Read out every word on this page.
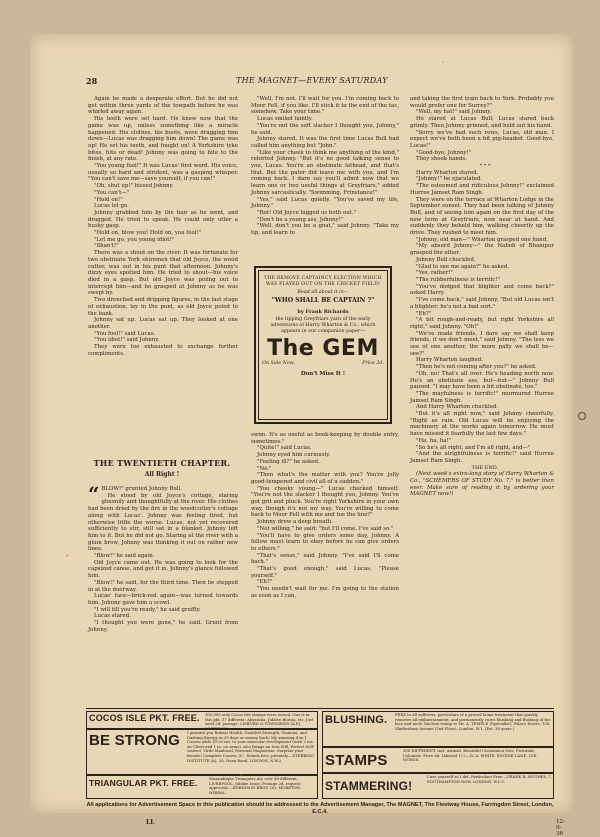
28	THE MAGNET—EVERY SATURDAY

Again he made a desperate effort. But he did not get within three yards of the towpath before he was whirled away again.

His teeth were set hard. He knew now that the game was up, unless something like a miracle happened. His clothes, his boots, were dragging him down—Lucas was dragging him down! The game was up! He set his teeth, and fought on! A Yorkshire tyke bites, hits or dead! Johnny was going to bite to the finish, at any rate.

"You young fool!" It was Lucas' first word. His voice, usually so hard and strident, was a gasping whisper. "You can't save me—save yourself, if you can!"

"Oh, shut up!" hissed Johnny.

"You can't—"

"Hold on!"

Lucas let go.

Johnny grabbed him by the hair as he went, and dragged. He tried to speak. He could only utter a husky gasp.

"Hold on, blow you! Hold on, you fool!"

"Let me go, you young idiot!"

"Shan't!"

There was a shout on the river. It was fortunate for two obstinate York shiremen that old Joyce, the wood cutter, was out in his punt that afternoon. Johnny's dizzy eyes spotted him. He tried to shout—his voice died in a gasp. But old Joyce was poling out to intercept him—and he grasped at Johnny as he was swept by.

Two drenched and dripping figures, in the last stage of exhaustion, lay in the punt, as old Joyce poled to the bank.

Johnny sat up. Lucas sat up. They looked at one another.

"You fool!" said Lucas.

"You idiot!" said Johnny.

They were too exhausted to exchange further compliments.

THE TWENTIETH CHAPTER.
All Right !

“ BLOW!" grunted Johnny Bull.

He stood by old Joyce's cottage, staring gloomily and thoughtfully at the river. His clothes had been dried by the fire in the woodcutter's cottage along with Lucas'. Johnny was feeling tired, but otherwise little the worse. Lucas, not yet recovered sufficiently to stir, still sat in a blanket. Johnny left him to it. But he did not go. Staring at the river with a glum brow, Johnny was thinking it out on rather new lines.

"Blow!" he said again.

Old Joyce came out. He was going to look for the capsized canoe, and get it in. Johnny's glance followed him.

"Blow!" he said, for the third time. Then he stepped in at the doorway.

Lucas' face—brick-red again—was turned towards him. Johnny gave him a scowl.

"I will till you're ready," he said gruffly.

Lucas stared.

"I thought you were gone," he said. Grunt from Johnny.

"Well, I'm not. I'll wait for you. I'm coming back to Moor Fell, if you like. I'll stick it to the end of the tac, somehow. Take your time."

Lucas smiled faintly.

"You're not the soft slacker I thought you, Johnny," he said.

Johnny stared. It was the first time Lucas Bull had called him anything but "John."

"Like your cheek to think me anything of the kind," retorted Johnny. "But it's no good talking sense to you, Lucas. You're an obstinate fathead, and that's that. But the pater did leave me with you, and I'm coming back. I dare say you'll admit now that we learn one or two useful things at Greyfriars," added Johnny sarcastically. "Swimming, Frinstance!"

"Yes," said Lucas quietly. "You've saved my life, Johnny."

"Rot! Old Joyce lugged us both out."

"Don't be a young ass, Johnny!"

"Well, don't you be a goat," said Johnny. "Take my tip, and learn to

THE REMOVE CAPTAINCY ELECTION WHICH WAS PLAYED OUT ON THE CRICKET FIELD!
Read all about it in—
"WHO SHALL BE CAPTAIN ?"
by Frank Richards
the tipping Greyfriars yarn of the early adventures of Harry Wharton & Co., which appears in our companion paper—
The GEM
On Sale Now.	Price 2d.
Don't Miss It !

swim. It's as useful as book-keeping by double entry, sometimes."

"Quite!" said Lucas.

Johnny eyed him curiously.

"Feeling ill?" he asked.

"No."

"Then what's the matter with you? You're jolly good-tempered and civil all of a sudden."

"You cheeky young—" Lucas checked himself. "You're not the slacker I thought you, Johnny. You've got grit and pluck. You're right Yorkshire in your own way, though it's not my way. You're willing to come back to Moor Fell with me and toe the line?"

Johnny drew a deep breath.

"Not willing," he said; "but I'll come. I've said so."

"You'll have to give orders some day, Johnny. A fellow must learn to obey before he can give orders to others."

"That's sense," said Johnny. "I've said I'll come back."

"That's good enough," said Lucas. "Please yourself."

"Eh?"

"You needn't wait for me. I'm going to the station as soon as I can,

and taking the first train back to York. Probably you would prefer one for Surrey?"

"Well, my hat!" said Johnny.

He stared at Lucas Bull; Lucas stared back grimly. Then Johnny grinned, and held out his hand.

"Sorry we've had such rows, Lucas, old man. I expect we've both been a bit pig-headed. Good-bye, Lucas!"

"Good-bye, Johnny!"

They shook hands.

* * *

Harry Wharton stared.

"Johnny!" he ejaculated.

"The esteemed and ridiculous Johnny!" exclaimed Hurree Jamset Ram Singh.

They were on the terrace at Wharton Lodge in the September sunset. They had been talking of Johnny Bull, and of seeing him again on the first day of the new term at Greyfriars, now near at hand. And suddenly they beheld him, walking cheerily up the drive. They rushed to meet him.

"Johnny, old man—" Wharton grasped one hand.

"My absurd Johnny—" the Nabob of Bhanipur grasped the other.

Johnny Bull chuckled.

"Glad to see me again?" he asked.

"Yes, rather!"

"The rubberfulness is terrific!"

"You've dodged that blighter and come back?" asked Harry.

"I've come back," said Johnny. "But old Lucas isn't a blighter; he's not a bad sort."

"Eh?"

"A bit rough-and-ready, but right Yorkshire all right," said Johnny. "Oh!"

"We've made friends. I dare say we shall keep friends, if we don't meet," said Johnny. "The less we see of one another, the more pally we shall be—see?"

Harry Wharton laughed.

"Then he's not coming after you?" he asked.

"Oh, no! That's all over. He's heading north now. He's an obstinate ass, but—but—" Johnny Bull paused. "I may have been a bit obstinate, too."

"The mayfulness is terrific!" murmured Hurree Jamset Ram Singh.

And Harry Wharton chuckled.

"But it's all right now," said Johnny cheerfully. "Right as rain. Old Lucas will be enjoying the machinery at the works again tomorrow. He must have missed it fearfully the last few days."

"Ha, ha, ha!"

"So he's all right, and I'm all right, and—"

"And the alrightfulness is terrific!" said Hurree Jamset Ram Singh.

THE END.

(Next week's extra-long story of Harry Wharton & Co., "SCHEMERS OF STUDY No. 7," is better than ever. Make sure of reading it by ordering your MAGNET now!)

COCOS ISLE PKT. FREE. 100,000 only Cocos Isle stamps were issued. One is in this pkt. 37 different. Abyssinia, Jubilee Bosnia, etc. Just send 2d. postage. LISBURN & TOWNSEND (A.P.), LIVERPOOL.
BE STRONG I promise you Robust Health, Doubled Strength, Stamina, and Dashing Energy in 30 days or money back! My amazing 4-in-1 Course adds 10-25 ins. to your muscular development (with 2 ins. on Chest and 1 in. on Arms), also brings an Iron Will, Perfect Self-control, Virile Manhood, Personal Magnetism. Surprise your friends! Complete Course, 5/-. Details free, privately.—STEBBING INSTITUTE (A), 28, Dean Road, LONDON, N.W.2.
TRIANGULAR PKT. FREE.	Mozambique Triangular Air, over 60 different. LIVERPOOL. Jubilee Issue, Postage 2d. request approvals.—ROBINSON BROS. (A), MORETON, WIRRAL.
BLUSHING. FREE to all sufferers, particulars of a proved home treatment that quickly removes all embarrassment, and permanently cures blushing and flushing of the face and neck. Enclose stamp to Mr. A. TEMPLE (Specialist), Palace House, 128, Shaftesbury Avenue (2nd Floor), London, W.1. (Est. 30 years.)
STAMPS
300 DIFFERENT, incl. Airmail, Beautiful Uncommon Sets, Pictorials, Colonials. Price 6d. (Abroad 1/-).—W. A. WHITE, ENGINE LANE, LYE, WORCS.
STAMMERING!
Cure yourself as I did. Particulars Free.—FRANK B. HUGHES, 7, SOUTHAMPTON ROW, LONDON, W.C.1.
All applications for Advertisement Space in this publication should be addressed to the Advertisement Manager, The MAGNET, The Fleetway House, Farringdon Street, London, E.C.4.
LL	12-9-36
